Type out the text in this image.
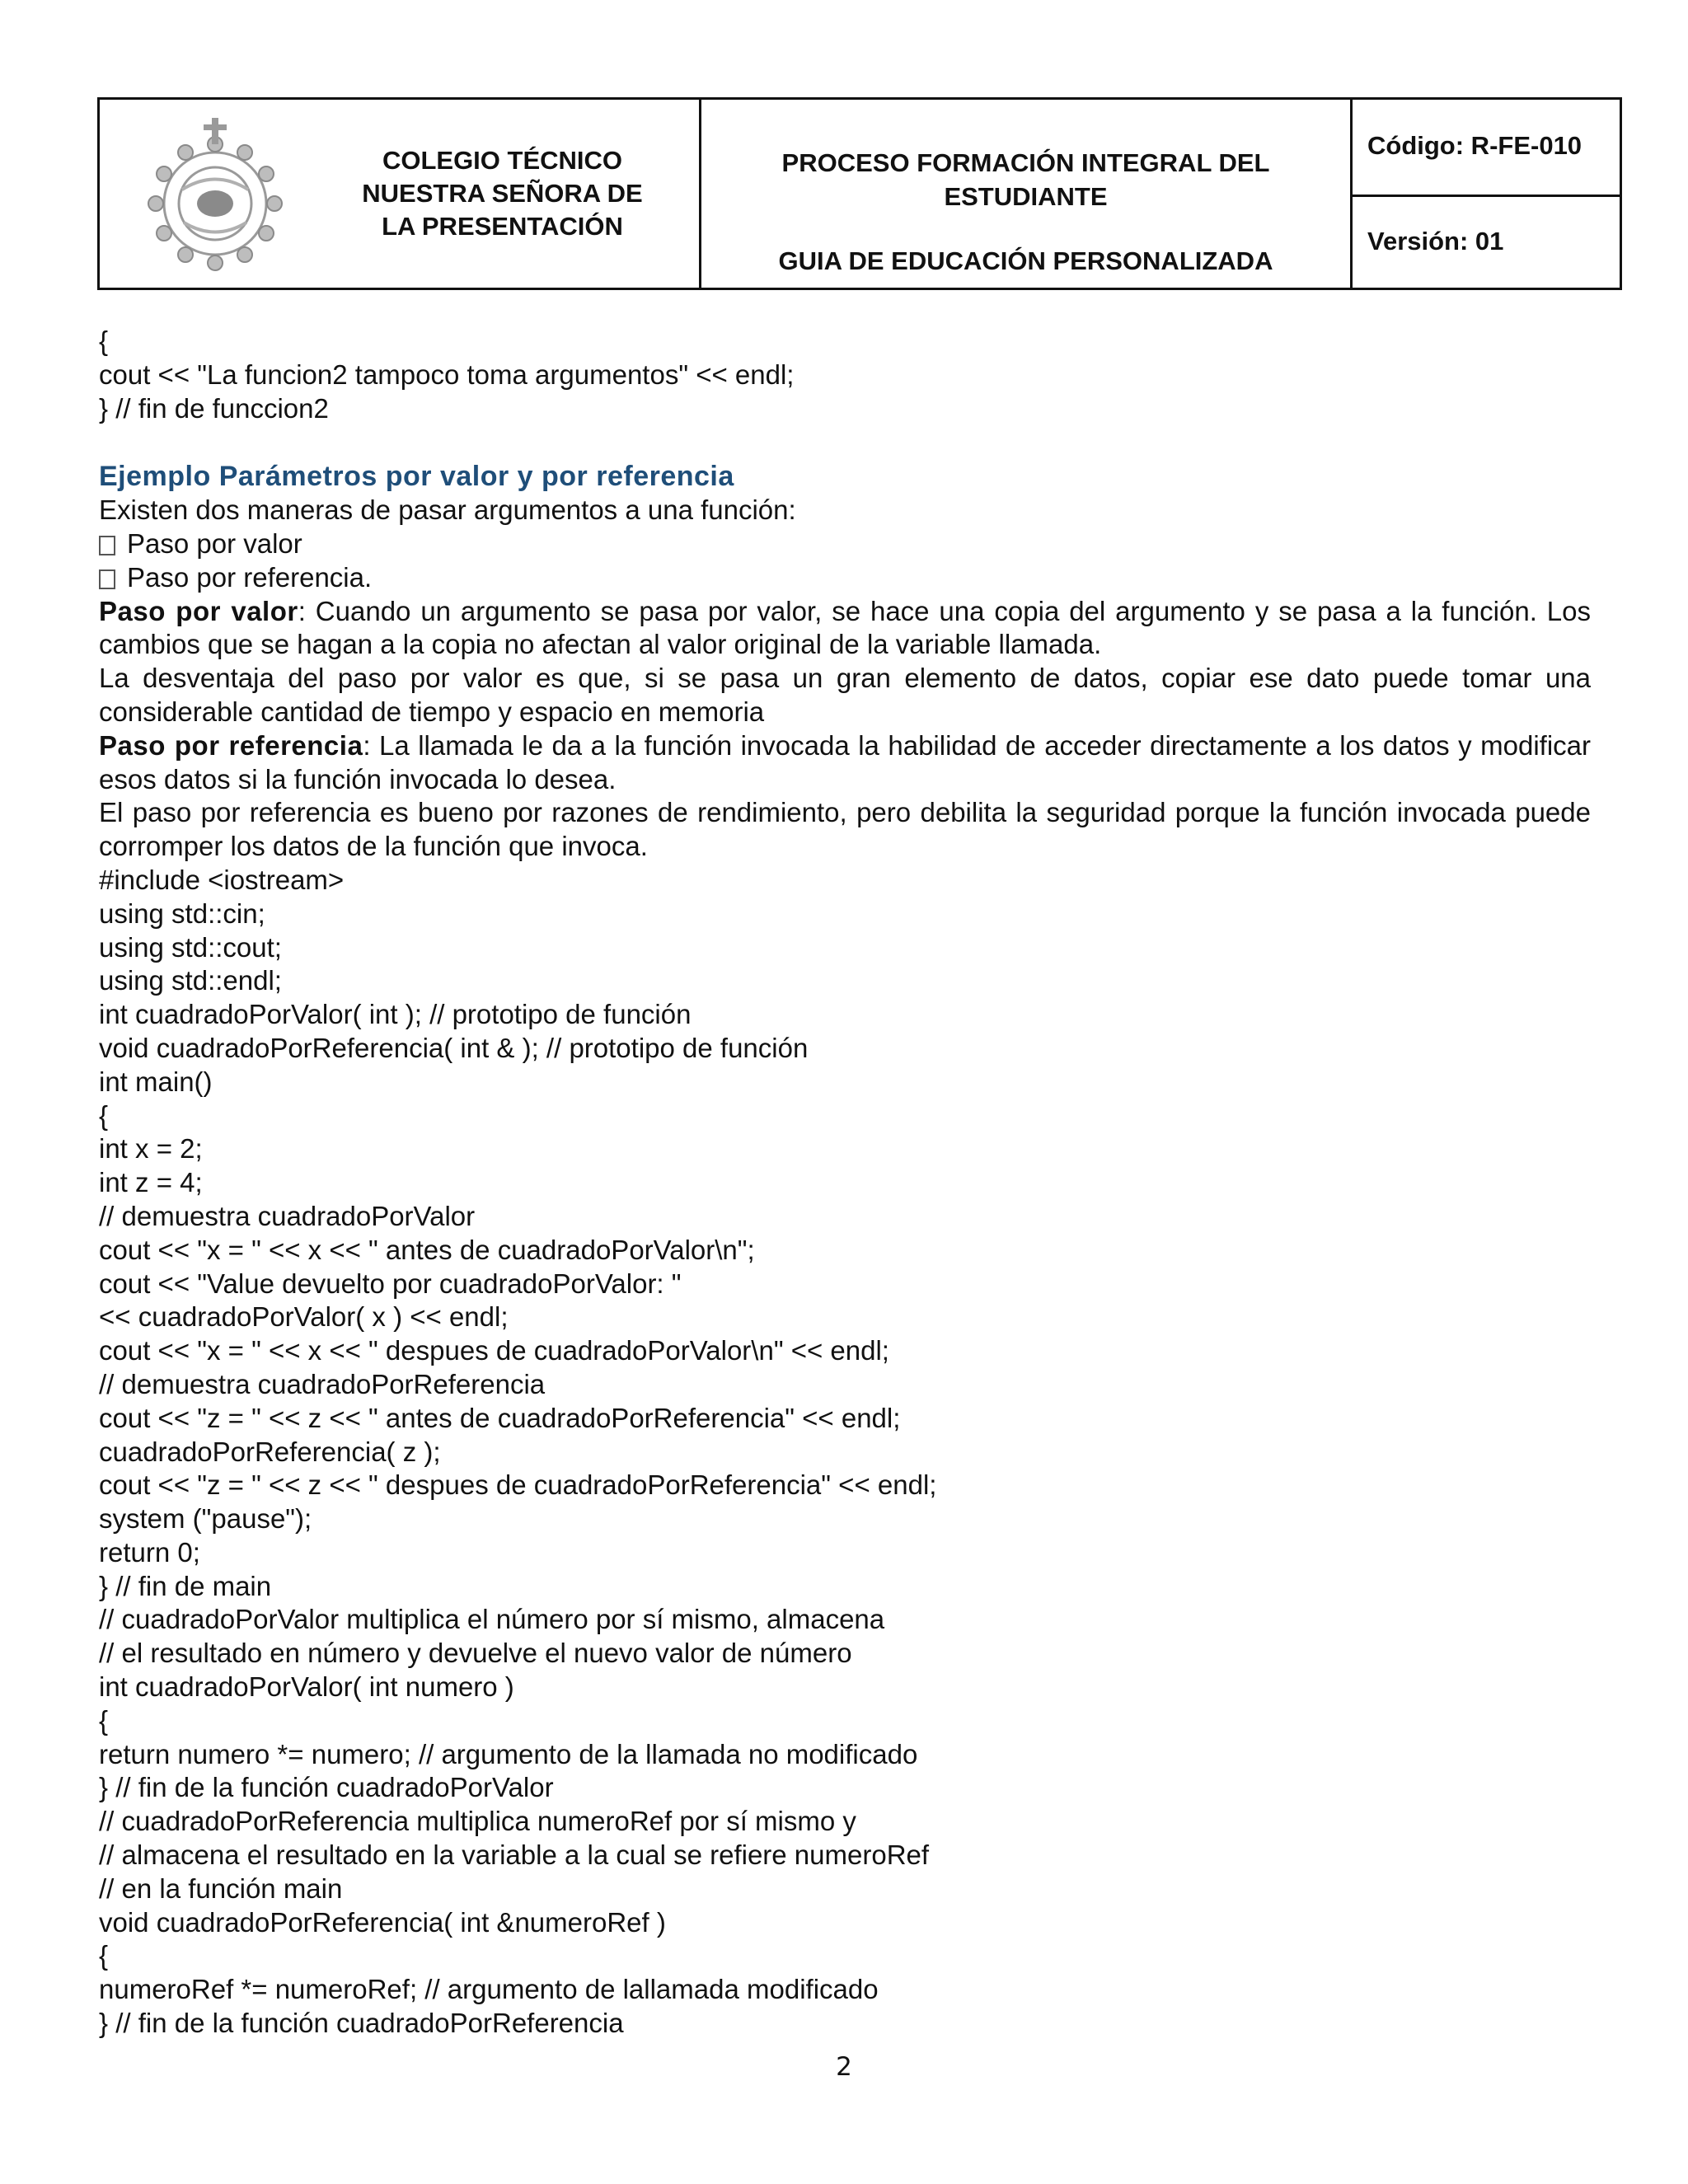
COLEGIO TÉCNICO
NUESTRA SEÑORA DE
LA PRESENTACIÓN
PROCESO FORMACIÓN INTEGRAL DEL
ESTUDIANTE
GUIA DE EDUCACIÓN PERSONALIZADA
Código: R-FE-010
Versión: 01
{
cout << "La funcion2 tampoco toma argumentos" << endl;
} // fin de funccion2
Ejemplo Parámetros por valor y por referencia
Existen dos maneras de pasar argumentos a una función:
Paso por valor
Paso por referencia.
Paso por valor: Cuando un argumento se pasa por valor, se hace una copia del argumento y se pasa a la función. Los cambios que se hagan a la copia no afectan al valor original de la variable llamada.
La desventaja del paso por valor es que, si se pasa un gran elemento de datos, copiar ese dato puede tomar una considerable cantidad de tiempo y espacio en memoria
Paso por referencia: La llamada le da a la función invocada la habilidad de acceder directamente a los datos y modificar esos datos si la función invocada lo desea.
El paso por referencia es bueno por razones de rendimiento, pero debilita la seguridad porque la función invocada puede corromper los datos de la función que invoca.
#include <iostream>
using std::cin;
using std::cout;
using std::endl;
int cuadradoPorValor( int ); // prototipo de función
void cuadradoPorReferencia( int & ); // prototipo de función
int main()
{
int x = 2;
int z = 4;
// demuestra cuadradoPorValor
cout << "x = " << x << " antes de cuadradoPorValor\n";
cout << "Value devuelto por cuadradoPorValor: "
<< cuadradoPorValor( x ) << endl;
cout << "x = " << x << " despues de cuadradoPorValor\n" << endl;
// demuestra cuadradoPorReferencia
cout << "z = " << z << " antes de cuadradoPorReferencia" << endl;
cuadradoPorReferencia( z );
cout << "z = " << z << " despues de cuadradoPorReferencia" << endl;
system ("pause");
return 0;
} // fin de main
// cuadradoPorValor multiplica el número por sí mismo, almacena
// el resultado en número y devuelve el nuevo valor de número
int cuadradoPorValor( int numero )
{
return numero *= numero; // argumento de la llamada no modificado
} // fin de la función cuadradoPorValor
// cuadradoPorReferencia multiplica numeroRef por sí mismo y
// almacena el resultado en la variable a la cual se refiere numeroRef
// en la función main
void cuadradoPorReferencia( int &numeroRef )
{
numeroRef *= numeroRef; // argumento de lallamada modificado
} // fin de la función cuadradoPorReferencia
2
